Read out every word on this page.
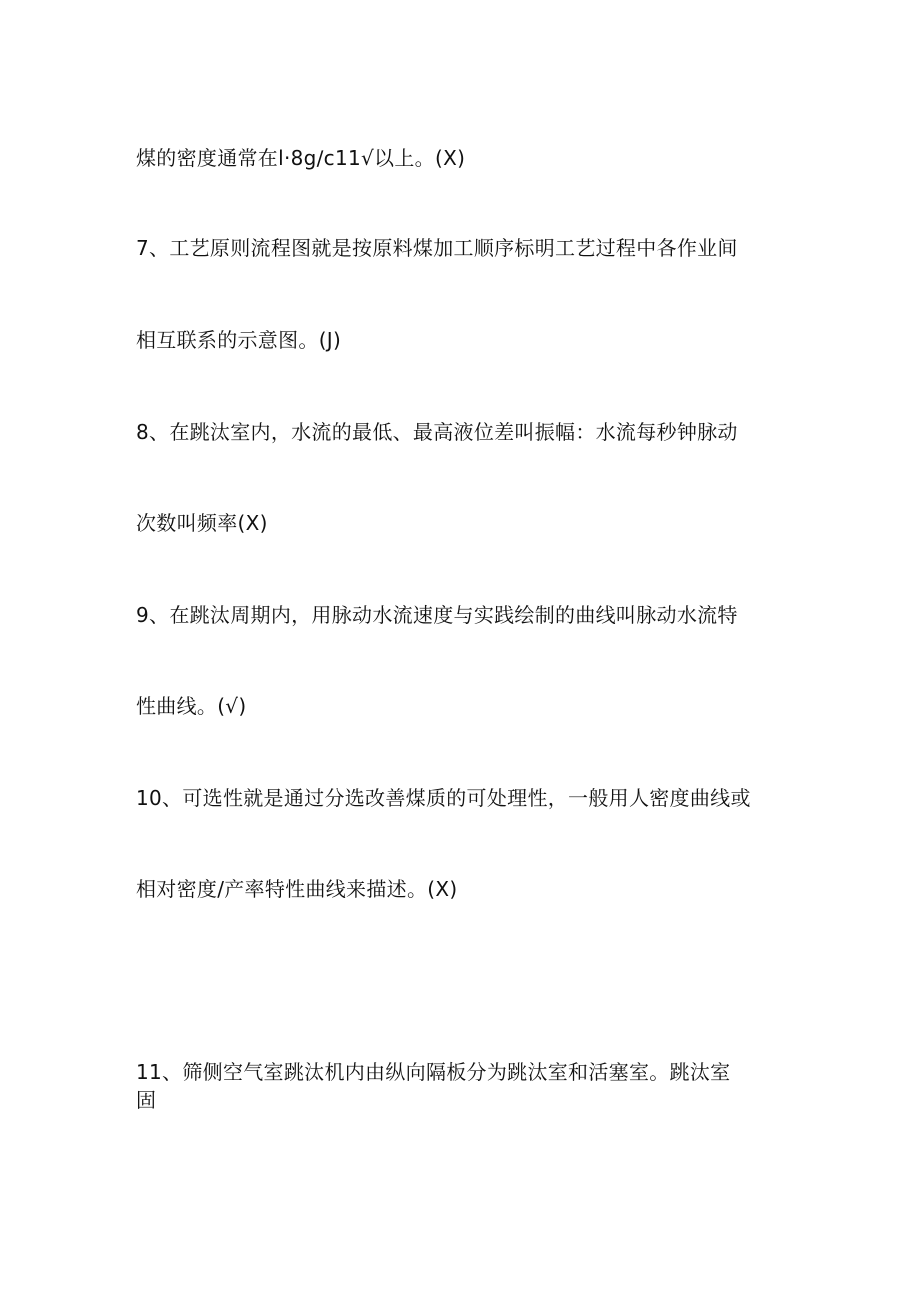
煤的密度通常在l·8g∕c11√以上。(X)

7、工艺原则流程图就是按原料煤加工顺序标明工艺过程中各作业间

相互联系的示意图。(J)

8、在跳汰室内，水流的最低、最高液位差叫振幅：水流每秒钟脉动

次数叫频率(X)

9、在跳汰周期内，用脉动水流速度与实践绘制的曲线叫脉动水流特

性曲线。(√)

10、可选性就是通过分选改善煤质的可处理性，一般用人密度曲线或

相对密度/产率特性曲线来描述。(X)

11、筛侧空气室跳汰机内由纵向隔板分为跳汰室和活塞室。跳汰室

固
